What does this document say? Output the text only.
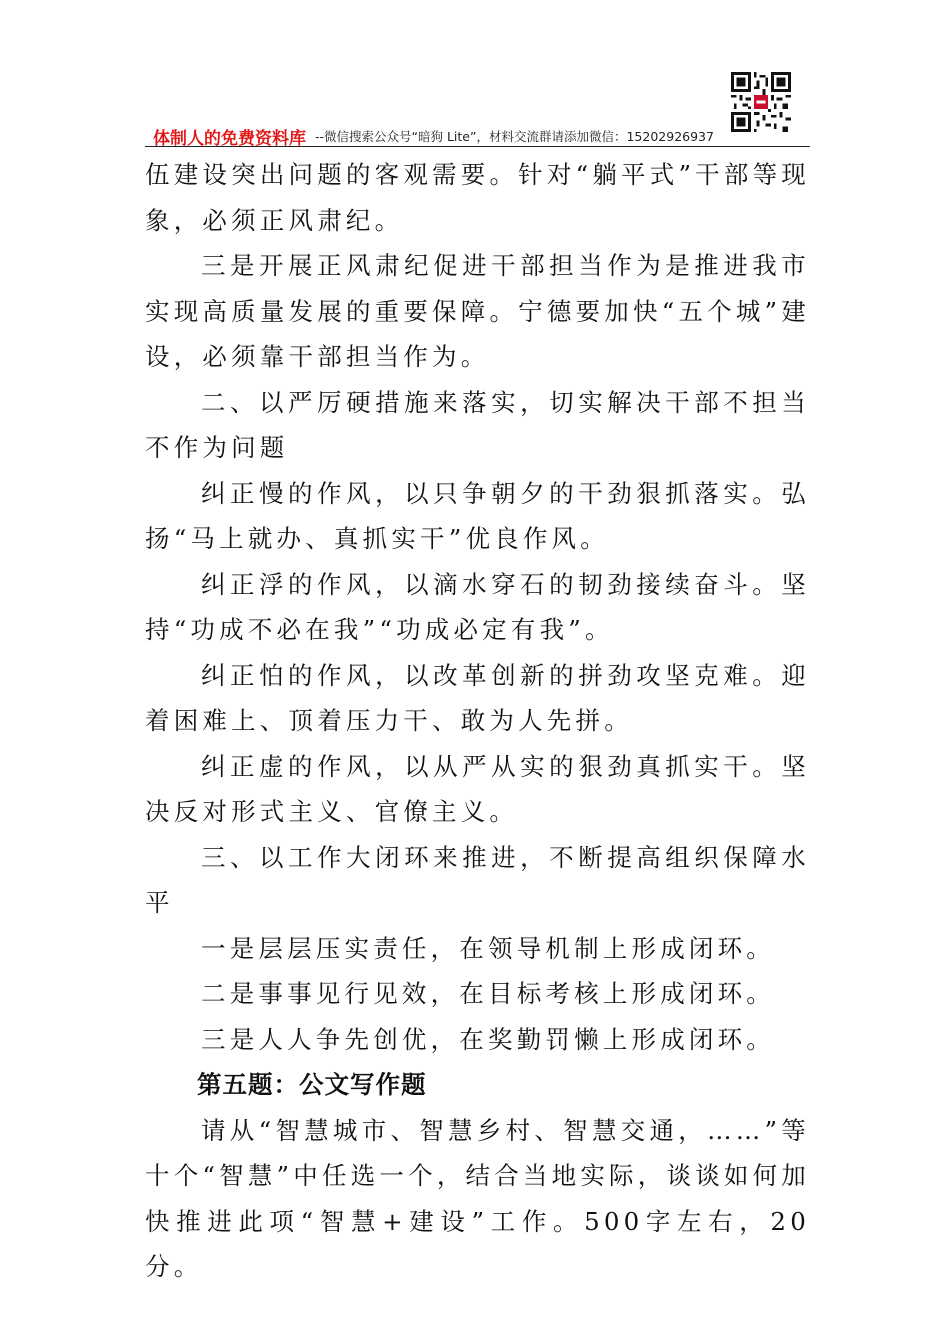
体制人的免费资料库 --微信搜索公众号“暗狗 Lite”，材料交流群请添加微信：15202926937

伍建设突出问题的客观需要。针对“躺平式”干部等现象，必须正风肃纪。

三是开展正风肃纪促进干部担当作为是推进我市实现高质量发展的重要保障。宁德要加快“五个城”建设，必须靠干部担当作为。

二、以严厉硬措施来落实，切实解决干部不担当不作为问题

纠正慢的作风，以只争朝夕的干劲狠抓落实。弘扬“马上就办、真抓实干”优良作风。

纠正浮的作风，以滴水穿石的韧劲接续奋斗。坚持“功成不必在我”“功成必定有我”。

纠正怕的作风，以改革创新的拼劲攻坚克难。迎着困难上、顶着压力干、敢为人先拼。

纠正虚的作风，以从严从实的狠劲真抓实干。坚决反对形式主义、官僚主义。

三、以工作大闭环来推进，不断提高组织保障水平

一是层层压实责任，在领导机制上形成闭环。

二是事事见行见效，在目标考核上形成闭环。

三是人人争先创优，在奖勤罚懒上形成闭环。

第五题：公文写作题

请从“智慧城市、智慧乡村、智慧交通，……”等十个“智慧”中任选一个，结合当地实际，谈谈如何加快推进此项“智慧+建设”工作。500字左右，20分。
